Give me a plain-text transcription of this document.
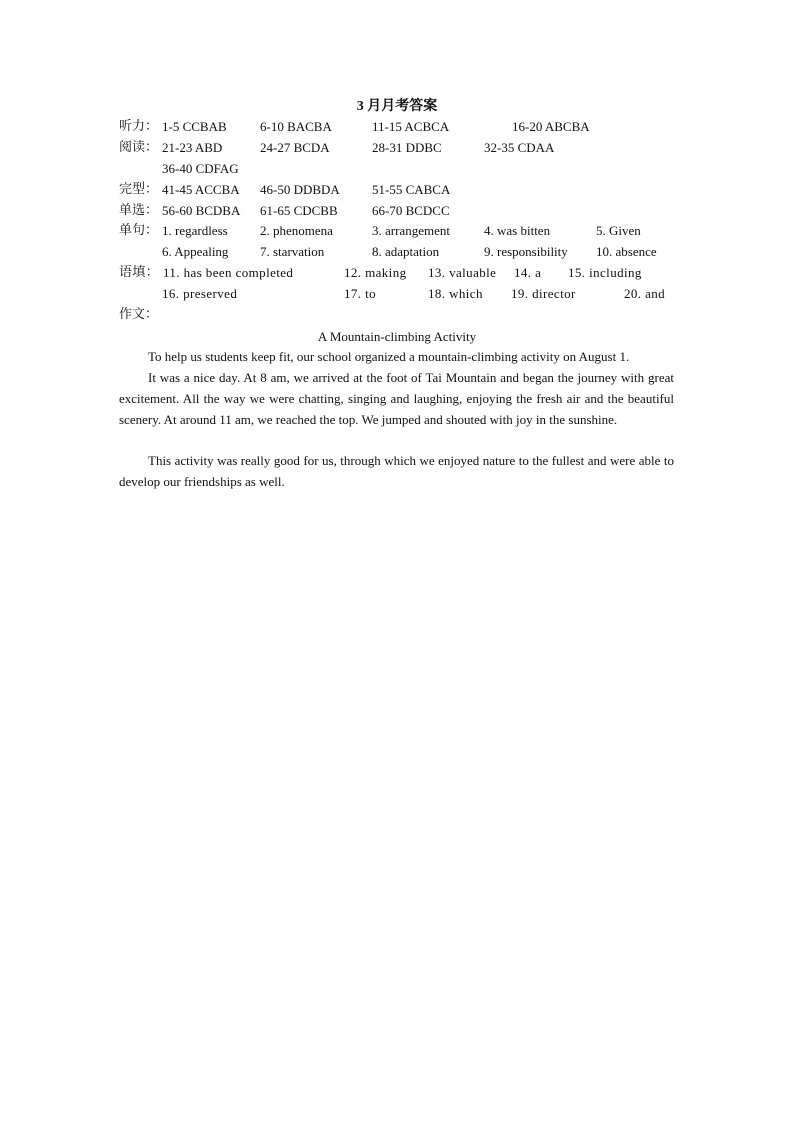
3 月月考答案
听力： 1-5 CCBAB	6-10 BACBA	11-15 ACBCA	16-20 ABCBA
阅读： 21-23 ABD	24-27 BCDA	28-31 DDBC	32-35 CDAA
36-40 CDFAG
完型： 41-45 ACCBA 46-50 DDBDA 51-55 CABCA
单选： 56-60 BCDBA 61-65 CDCBB	66-70 BCDCC
单句： 1. regardless 2. phenomena	3. arrangement	4. was bitten	5. Given
6. Appealing 7. starvation	8. adaptation	9. responsibility 10. absence
语填： 11. has been completed	12. making 13. valuable 14. a 15. including
16. preserved	17. to	18. which 19. director	20. and
作文：
A Mountain-climbing Activity

To help us students keep fit, our school organized a mountain-climbing activity on August 1.

It was a nice day. At 8 am, we arrived at the foot of Tai Mountain and began the journey with great excitement. All the way we were chatting, singing and laughing, enjoying the fresh air and the beautiful scenery. At around 11 am, we reached the top. We jumped and shouted with joy in the sunshine.

This activity was really good for us, through which we enjoyed nature to the fullest and were able to develop our friendships as well.
